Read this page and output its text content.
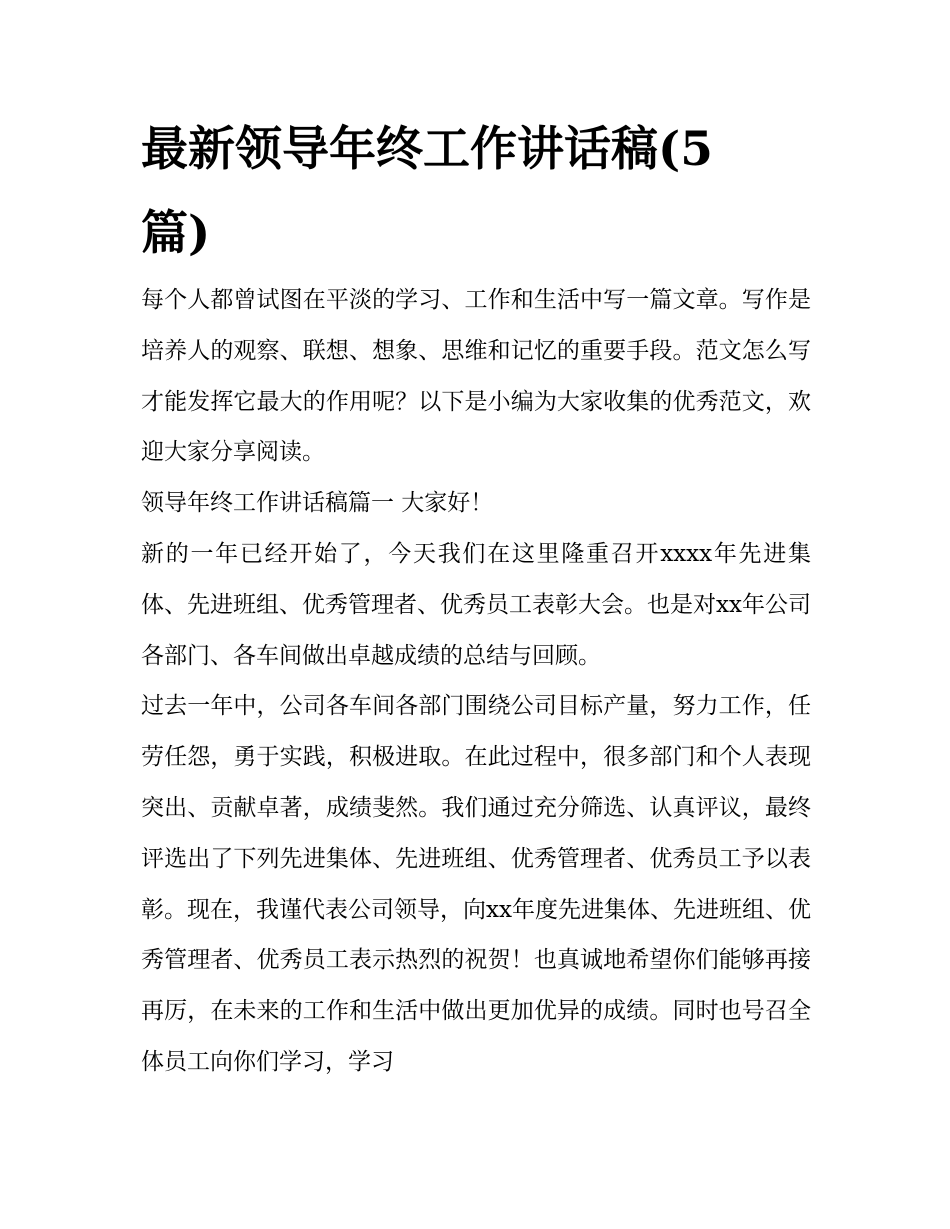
最新领导年终工作讲话稿(5篇)

每个人都曾试图在平淡的学习、工作和生活中写一篇文章。写作是培养人的观察、联想、想象、思维和记忆的重要手段。范文怎么写才能发挥它最大的作用呢？以下是小编为大家收集的优秀范文，欢迎大家分享阅读。

领导年终工作讲话稿篇一 大家好！

新的一年已经开始了，今天我们在这里隆重召开xxxx年先进集体、先进班组、优秀管理者、优秀员工表彰大会。也是对xx年公司各部门、各车间做出卓越成绩的总结与回顾。

过去一年中，公司各车间各部门围绕公司目标产量，努力工作，任劳任怨，勇于实践，积极进取。在此过程中，很多部门和个人表现突出、贡献卓著，成绩斐然。我们通过充分筛选、认真评议，最终评选出了下列先进集体、先进班组、优秀管理者、优秀员工予以表彰。现在，我谨代表公司领导，向xx年度先进集体、先进班组、优秀管理者、优秀员工表示热烈的祝贺！也真诚地希望你们能够再接再厉，在未来的工作和生活中做出更加优异的成绩。同时也号召全体员工向你们学习，学习
